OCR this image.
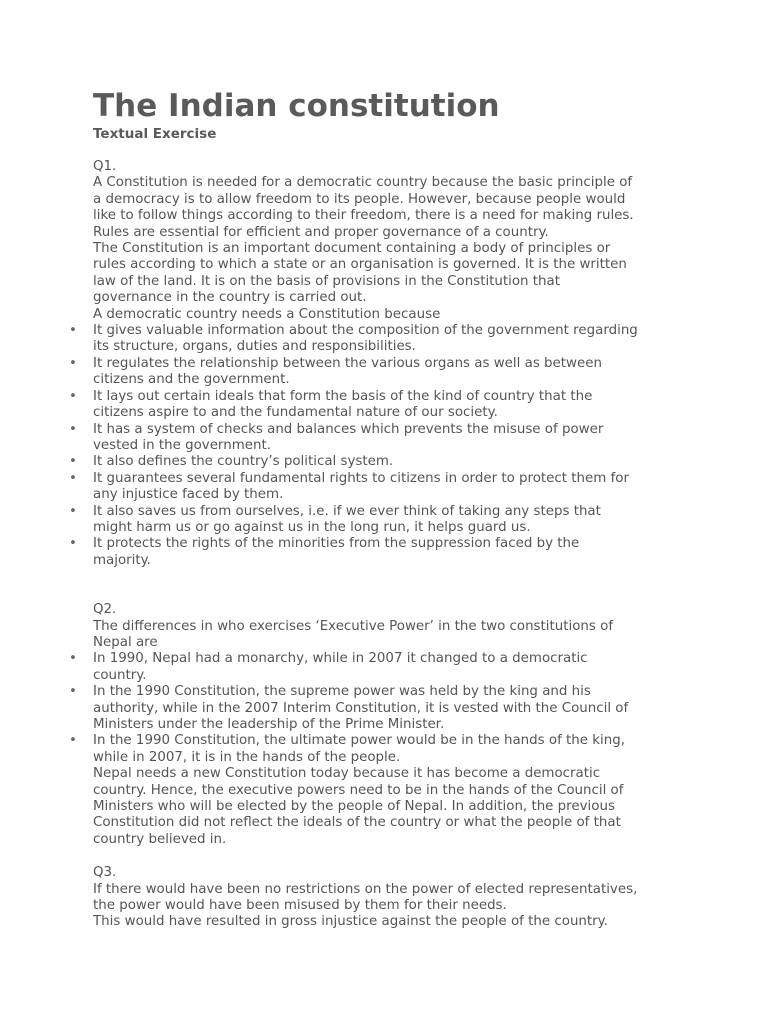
The Indian constitution
Textual Exercise
Q1.
A Constitution is needed for a democratic country because the basic principle of
a democracy is to allow freedom to its people. However, because people would
like to follow things according to their freedom, there is a need for making rules.
Rules are essential for efficient and proper governance of a country.
The Constitution is an important document containing a body of principles or
rules according to which a state or an organisation is governed. It is the written
law of the land. It is on the basis of provisions in the Constitution that
governance in the country is carried out.
A democratic country needs a Constitution because
• It gives valuable information about the composition of the government regarding
its structure, organs, duties and responsibilities.
• It regulates the relationship between the various organs as well as between
citizens and the government.
• It lays out certain ideals that form the basis of the kind of country that the
citizens aspire to and the fundamental nature of our society.
• It has a system of checks and balances which prevents the misuse of power
vested in the government.
• It also defines the country’s political system.
• It guarantees several fundamental rights to citizens in order to protect them for
any injustice faced by them.
• It also saves us from ourselves, i.e. if we ever think of taking any steps that
might harm us or go against us in the long run, it helps guard us.
• It protects the rights of the minorities from the suppression faced by the
majority.
Q2.
The differences in who exercises ‘Executive Power’ in the two constitutions of
Nepal are
• In 1990, Nepal had a monarchy, while in 2007 it changed to a democratic
country.
• In the 1990 Constitution, the supreme power was held by the king and his
authority, while in the 2007 Interim Constitution, it is vested with the Council of
Ministers under the leadership of the Prime Minister.
• In the 1990 Constitution, the ultimate power would be in the hands of the king,
while in 2007, it is in the hands of the people.
Nepal needs a new Constitution today because it has become a democratic
country. Hence, the executive powers need to be in the hands of the Council of
Ministers who will be elected by the people of Nepal. In addition, the previous
Constitution did not reflect the ideals of the country or what the people of that
country believed in.
Q3.
If there would have been no restrictions on the power of elected representatives,
the power would have been misused by them for their needs.
This would have resulted in gross injustice against the people of the country.
